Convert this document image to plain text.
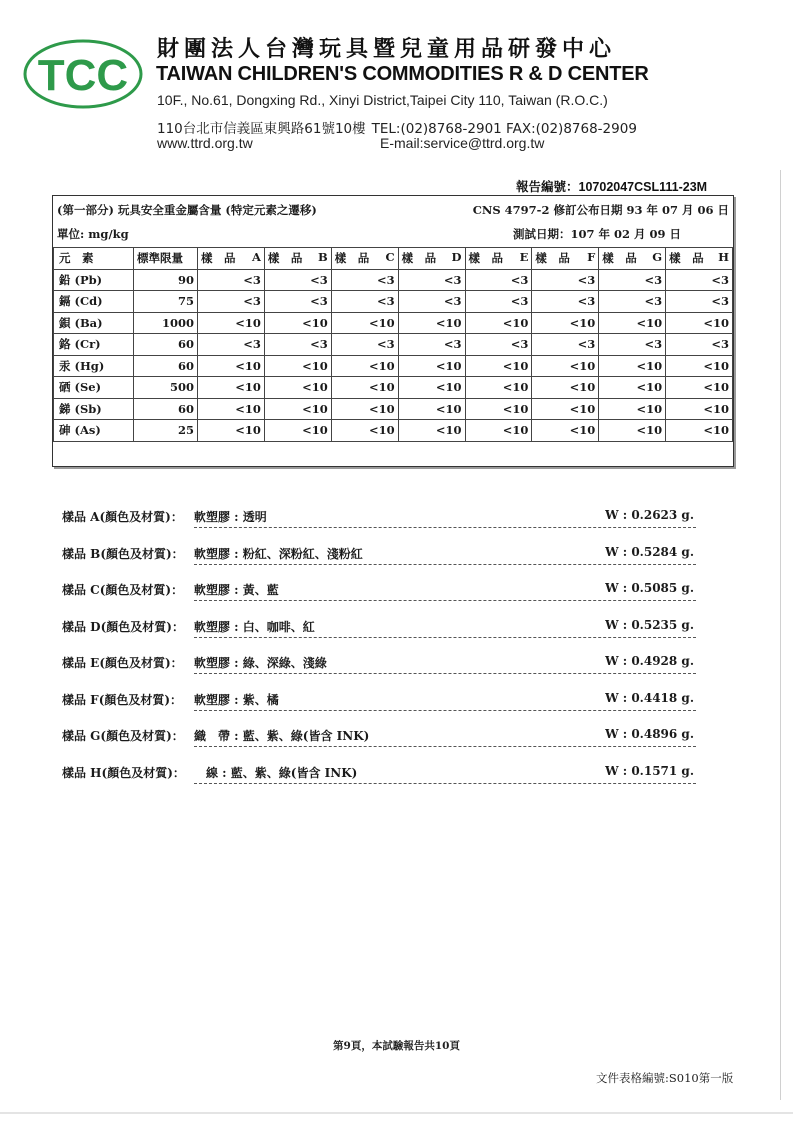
TCC
財團法人台灣玩具暨兒童用品研發中心
TAIWAN CHILDREN'S COMMODITIES R & D CENTER
10F., No.61, Dongxing Rd., Xinyi District,Taipei City 110, Taiwan (R.O.C.)
110台北市信義區東興路61號10樓 TEL:(02)8768-2901 FAX:(02)8768-2909
www.ttrd.org.tw	E-mail:service@ttrd.org.tw
報告編號：10702047CSL111-23M
(第一部分) 玩具安全重金屬含量 (特定元素之遷移)	CNS 4797-2 修訂公布日期 93 年 07 月 06 日
單位: mg/kg	測試日期：107 年 02 月 09 日
元　素	標準限量	樣　品 A	樣　品 B	樣　品 C	樣　品 D	樣　品 E	樣　品 F	樣　品 G	樣　品 H

鉛 (Pb)	90	<3	<3	<3	<3	<3	<3	<3	<3
鎘 (Cd)	75	<3	<3	<3	<3	<3	<3	<3	<3
鋇 (Ba)	1000	<10	<10	<10	<10	<10	<10	<10	<10
鉻 (Cr)	60	<3	<3	<3	<3	<3	<3	<3	<3
汞 (Hg)	60	<10	<10	<10	<10	<10	<10	<10	<10
硒 (Se)	500	<10	<10	<10	<10	<10	<10	<10	<10
銻 (Sb)	60	<10	<10	<10	<10	<10	<10	<10	<10
砷 (As)	25	<10	<10	<10	<10	<10	<10	<10	<10
樣品 A(顏色及材質)： 軟塑膠 : 透明	W : 0.2623 g.
樣品 B(顏色及材質)： 軟塑膠 : 粉紅、深粉紅、淺粉紅	W : 0.5284 g.
樣品 C(顏色及材質)： 軟塑膠 : 黃、藍	W : 0.5085 g.
樣品 D(顏色及材質)： 軟塑膠 : 白、咖啡、紅	W : 0.5235 g.
樣品 E(顏色及材質)： 軟塑膠 : 綠、深綠、淺綠	W : 0.4928 g.
樣品 F(顏色及材質)： 軟塑膠 : 紫、橘	W : 0.4418 g.
樣品 G(顏色及材質)： 織　帶 : 藍、紫、綠(皆含 INK)	W : 0.4896 g.
樣品 H(顏色及材質)： 　線 : 藍、紫、綠(皆含 INK)	W : 0.1571 g.
第9頁，本試驗報告共10頁
文件表格編號:S010第一版
